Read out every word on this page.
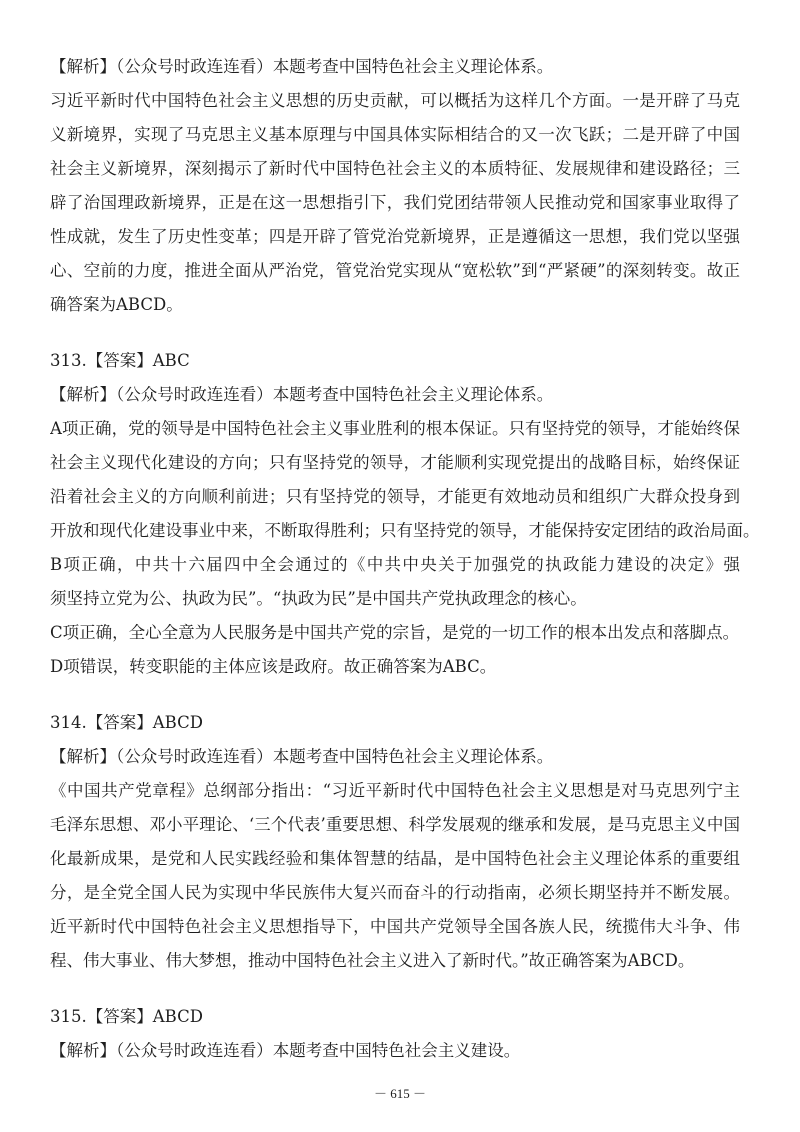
【解析】（公众号时政连连看）本题考查中国特色社会主义理论体系。
习近平新时代中国特色社会主义思想的历史贡献，可以概括为这样几个方面。一是开辟了马克
义新境界，实现了马克思主义基本原理与中国具体实际相结合的又一次飞跃；二是开辟了中国
社会主义新境界，深刻揭示了新时代中国特色社会主义的本质特征、发展规律和建设路径；三
辟了治国理政新境界，正是在这一思想指引下，我们党团结带领人民推动党和国家事业取得了
性成就，发生了历史性变革；四是开辟了管党治党新境界，正是遵循这一思想，我们党以坚强
心、空前的力度，推进全面从严治党，管党治党实现从“宽松软”到“严紧硬”的深刻转变。故正
确答案为ABCD。
313.【答案】ABC
【解析】（公众号时政连连看）本题考查中国特色社会主义理论体系。
A项正确，党的领导是中国特色社会主义事业胜利的根本保证。只有坚持党的领导，才能始终保
社会主义现代化建设的方向；只有坚持党的领导，才能顺利实现党提出的战略目标，始终保证
沿着社会主义的方向顺利前进；只有坚持党的领导，才能更有效地动员和组织广大群众投身到
开放和现代化建设事业中来，不断取得胜利；只有坚持党的领导，才能保持安定团结的政治局面。
B项正确，中共十六届四中全会通过的《中共中央关于加强党的执政能力建设的决定》强
须坚持立党为公、执政为民”。“执政为民”是中国共产党执政理念的核心。
C项正确，全心全意为人民服务是中国共产党的宗旨，是党的一切工作的根本出发点和落脚点。
D项错误，转变职能的主体应该是政府。故正确答案为ABC。
314.【答案】ABCD
【解析】（公众号时政连连看）本题考查中国特色社会主义理论体系。
《中国共产党章程》总纲部分指出：“习近平新时代中国特色社会主义思想是对马克思列宁主
毛泽东思想、邓小平理论、‘三个代表’重要思想、科学发展观的继承和发展，是马克思主义中国
化最新成果，是党和人民实践经验和集体智慧的结晶，是中国特色社会主义理论体系的重要组
分，是全党全国人民为实现中华民族伟大复兴而奋斗的行动指南，必须长期坚持并不断发展。
近平新时代中国特色社会主义思想指导下，中国共产党领导全国各族人民，统揽伟大斗争、伟
程、伟大事业、伟大梦想，推动中国特色社会主义进入了新时代。”故正确答案为ABCD。
315.【答案】ABCD
【解析】（公众号时政连连看）本题考查中国特色社会主义建设。
－ 615 －
